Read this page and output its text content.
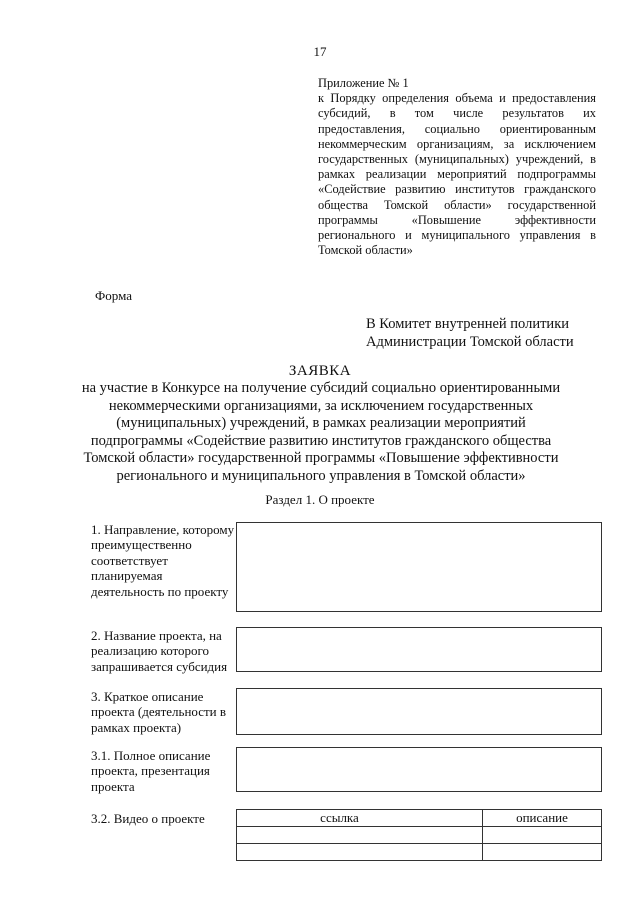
17
Приложение № 1
к Порядку определения объема и предоставления субсидий, в том числе результатов их предоставления, социально ориентированным некоммерческим организациям, за исключением государственных (муниципальных) учреждений, в рамках реализации мероприятий подпрограммы «Содействие развитию институтов гражданского общества Томской области» государственной программы «Повышение эффективности регионального и муниципального управления в Томской области»
Форма
В Комитет внутренней политики
Администрации Томской области
ЗАЯВКА
на участие в Конкурсе на получение субсидий социально ориентированными некоммерческими организациями, за исключением государственных (муниципальных) учреждений, в рамках реализации мероприятий подпрограммы «Содействие развитию институтов гражданского общества Томской области» государственной программы «Повышение эффективности регионального и муниципального управления в Томской области»
Раздел 1. О проекте
1. Направление, которому преимущественно соответствует планируемая деятельность по проекту
2. Название проекта, на реализацию которого запрашивается субсидия
3. Краткое описание проекта (деятельности в рамках проекта)
3.1. Полное описание проекта, презентация проекта
3.2. Видео о проекте	ссылка	описание
